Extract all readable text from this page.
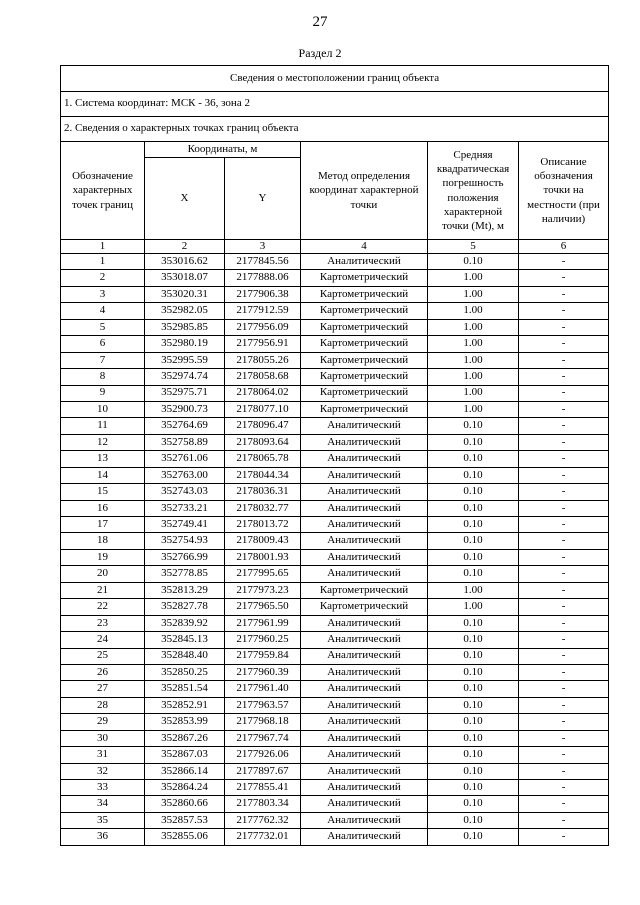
27
Раздел 2
Сведения о местоположении границ объекта					
1. Система координат: МСК - 36, зона 2					
2. Сведения о характерных точках границ объекта					
Обозначение характерных точек границ	Координаты, м		Метод определения координат характерной точки	Средняя квадратическая погрешность положения характерной точки (Mt), м	Описание обозначения точки на местности (при наличии)
	X	Y			
1	2	3	4	5	6
1	353016.62	2177845.56	Аналитический	0.10	-
2	353018.07	2177888.06	Картометрический	1.00	-
3	353020.31	2177906.38	Картометрический	1.00	-
4	352982.05	2177912.59	Картометрический	1.00	-
5	352985.85	2177956.09	Картометрический	1.00	-
6	352980.19	2177956.91	Картометрический	1.00	-
7	352995.59	2178055.26	Картометрический	1.00	-
8	352974.74	2178058.68	Картометрический	1.00	-
9	352975.71	2178064.02	Картометрический	1.00	-
10	352900.73	2178077.10	Картометрический	1.00	-
11	352764.69	2178096.47	Аналитический	0.10	-
12	352758.89	2178093.64	Аналитический	0.10	-
13	352761.06	2178065.78	Аналитический	0.10	-
14	352763.00	2178044.34	Аналитический	0.10	-
15	352743.03	2178036.31	Аналитический	0.10	-
16	352733.21	2178032.77	Аналитический	0.10	-
17	352749.41	2178013.72	Аналитический	0.10	-
18	352754.93	2178009.43	Аналитический	0.10	-
19	352766.99	2178001.93	Аналитический	0.10	-
20	352778.85	2177995.65	Аналитический	0.10	-
21	352813.29	2177973.23	Картометрический	1.00	-
22	352827.78	2177965.50	Картометрический	1.00	-
23	352839.92	2177961.99	Аналитический	0.10	-
24	352845.13	2177960.25	Аналитический	0.10	-
25	352848.40	2177959.84	Аналитический	0.10	-
26	352850.25	2177960.39	Аналитический	0.10	-
27	352851.54	2177961.40	Аналитический	0.10	-
28	352852.91	2177963.57	Аналитический	0.10	-
29	352853.99	2177968.18	Аналитический	0.10	-
30	352867.26	2177967.74	Аналитический	0.10	-
31	352867.03	2177926.06	Аналитический	0.10	-
32	352866.14	2177897.67	Аналитический	0.10	-
33	352864.24	2177855.41	Аналитический	0.10	-
34	352860.66	2177803.34	Аналитический	0.10	-
35	352857.53	2177762.32	Аналитический	0.10	-
36	352855.06	2177732.01	Аналитический	0.10	-
